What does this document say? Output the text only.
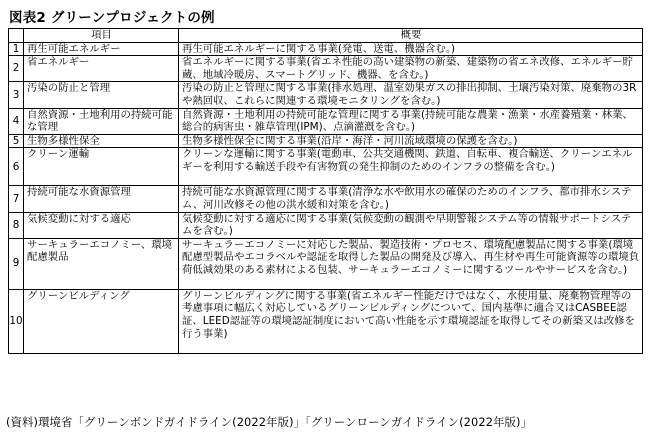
図表2 グリーンプロジェクトの例
	項目	概要
1	再生可能エネルギー	再生可能エネルギーに関する事業(発電、送電、機器含む。)
2	省エネルギー	省エネルギーに関する事業(省エネ性能の高い建築物の新築、建築物の省エネ改修、エネルギー貯蔵、地域冷暖房、スマートグリッド、機器、を含む。)
3	汚染の防止と管理	汚染の防止と管理に関する事業(排水処理、温室効果ガスの排出抑制、土壌汚染対策、廃棄物の3Rや熱回収、これらに関連する環境モニタリングを含む。)
4	自然資源・土地利用の持続可能な管理	自然資源・土地利用の持続可能な管理に関する事業(持続可能な農業・漁業・水産養殖業・林業、総合的病害虫・雑草管理(IPM)、点滴灌漑を含む。)
5	生物多様性保全	生物多様性保全に関する事業(沿岸・海洋・河川流域環境の保護を含む。)
6	クリーン運輸	クリーンな運輸に関する事業(電動車、公共交通機関、鉄道、自転車、複合輸送、クリーンエネルギーを利用する輸送手段や有害物質の発生抑制のためのインフラの整備を含む。)
7	持続可能な水資源管理	持続可能な水資源管理に関する事業(清浄な水や飲用水の確保のためのインフラ、都市排水システム、河川改修その他の洪水緩和対策を含む。)
8	気候変動に対する適応	気候変動に対する適応に関する事業(気候変動の観測や早期警報システム等の情報サポートシステムを含む。)
9	サーキュラーエコノミー、環境配慮製品	サーキュラーエコノミーに対応した製品、製造技術・プロセス、環境配慮製品に関する事業(環境配慮型製品やエコラベルや認証を取得した製品の開発及び導入、再生材や再生可能資源等の環境負荷低減効果のある素材による包装、サーキュラーエコノミーに関するツールやサービスを含む。)
10	グリーンビルディング	グリーンビルディングに関する事業(省エネルギー性能だけではなく、水使用量、廃棄物管理等の考慮事項に幅広く対応しているグリーンビルディングについて、国内基準に適合又はCASBEE認証、LEED認証等の環境認証制度において高い性能を示す環境認証を取得してその新築又は改修を行う事業)
(資料)環境省「グリーンボンドガイドライン(2022年版)」「グリーンローンガイドライン(2022年版)」
